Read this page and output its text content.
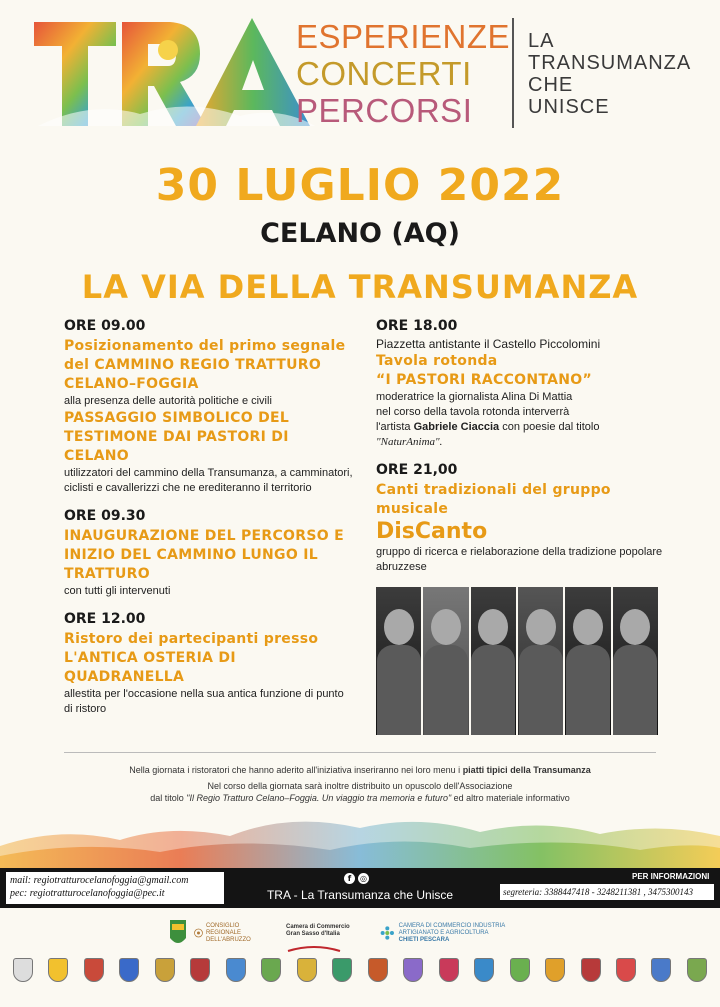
ESPERIENZE
CONCERTI
PERCORSI
LA
TRANSUMANZA
CHE
UNISCE
30 LUGLIO 2022
CELANO (AQ)
LA VIA DELLA TRANSUMANZA
ORE 09.00
Posizionamento del primo segnale del CAMMINO REGIO TRATTURO CELANO–FOGGIA
alla presenza delle autorità politiche e civili
PASSAGGIO SIMBOLICO DEL TESTIMONE DAI PASTORI DI CELANO
utilizzatori del cammino della Transumanza, a camminatori, ciclisti e cavallerizzi che ne erediteranno il territorio
ORE 09.30
INAUGURAZIONE DEL PERCORSO E INIZIO DEL CAMMINO LUNGO IL TRATTURO
con tutti gli intervenuti
ORE 12.00
Ristoro dei partecipanti presso L'ANTICA OSTERIA DI QUADRANELLA
allestita per l'occasione nella sua antica funzione di punto di ristoro
ORE 18.00
Piazzetta antistante il Castello Piccolomini
Tavola rotonda
“I PASTORI RACCONTANO”
moderatrice la giornalista Alina Di Mattia
nel corso della tavola rotonda interverrà
l'artista Gabriele Ciaccia con poesie dal titolo
"NaturAnima".
ORE 21,00
Canti tradizionali del gruppo musicale
DisCanto
gruppo di ricerca e rielaborazione della tradizione popolare abruzzese
Nella giornata i ristoratori che hanno aderito all'iniziativa inseriranno nei loro menu i piatti tipici della Transumanza
Nel corso della giornata sarà inoltre distribuito un opuscolo dell'Associazione
dal titolo "Il Regio Tratturo Celano–Foggia. Un viaggio tra memoria e futuro" ed altro materiale informativo
mail: regiotratturocelanofoggia@gmail.com
pec: regiotratturocelanofoggia@pec.it
f	◎
TRA - La Transumanza che Unisce
PER INFORMAZIONI
segreteria: 3388447418 - 3248211381 , 3475300143
CONSIGLIO REGIONALE DELL'ABRUZZO
Camera di Commercio Gran Sasso d'Italia
CAMERA DI COMMERCIO INDUSTRIA ARTIGIANATO E AGRICOLTURA
CHIETI PESCARA
